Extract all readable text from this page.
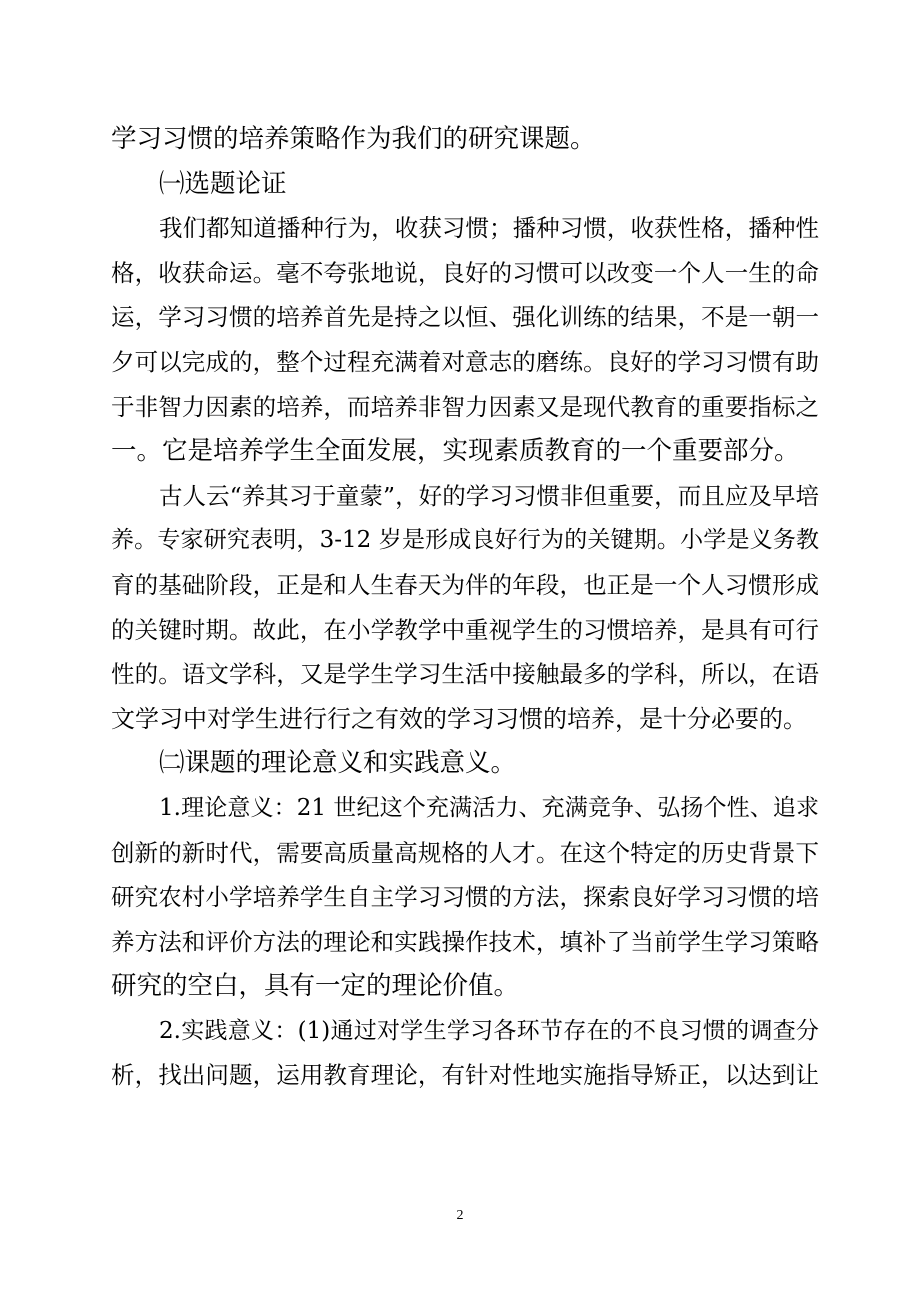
学习习惯的培养策略作为我们的研究课题。
㈠选题论证
我们都知道播种行为，收获习惯；播种习惯，收获性格，播种性
格，收获命运。毫不夸张地说，良好的习惯可以改变一个人一生的命
运，学习习惯的培养首先是持之以恒、强化训练的结果，不是一朝一
夕可以完成的，整个过程充满着对意志的磨练。良好的学习习惯有助
于非智力因素的培养，而培养非智力因素又是现代教育的重要指标之
一。它是培养学生全面发展，实现素质教育的一个重要部分。
古人云“养其习于童蒙”，好的学习习惯非但重要，而且应及早培
养。专家研究表明，3-12 岁是形成良好行为的关键期。小学是义务教
育的基础阶段，正是和人生春天为伴的年段，也正是一个人习惯形成
的关键时期。故此，在小学教学中重视学生的习惯培养，是具有可行
性的。语文学科，又是学生学习生活中接触最多的学科，所以，在语
文学习中对学生进行行之有效的学习习惯的培养，是十分必要的。
㈡课题的理论意义和实践意义。
1.理论意义：21 世纪这个充满活力、充满竞争、弘扬个性、追求
创新的新时代，需要高质量高规格的人才。在这个特定的历史背景下
研究农村小学培养学生自主学习习惯的方法，探索良好学习习惯的培
养方法和评价方法的理论和实践操作技术，填补了当前学生学习策略
研究的空白，具有一定的理论价值。
2.实践意义：(1)通过对学生学习各环节存在的不良习惯的调查分
析，找出问题，运用教育理论，有针对性地实施指导矫正，以达到让
2
